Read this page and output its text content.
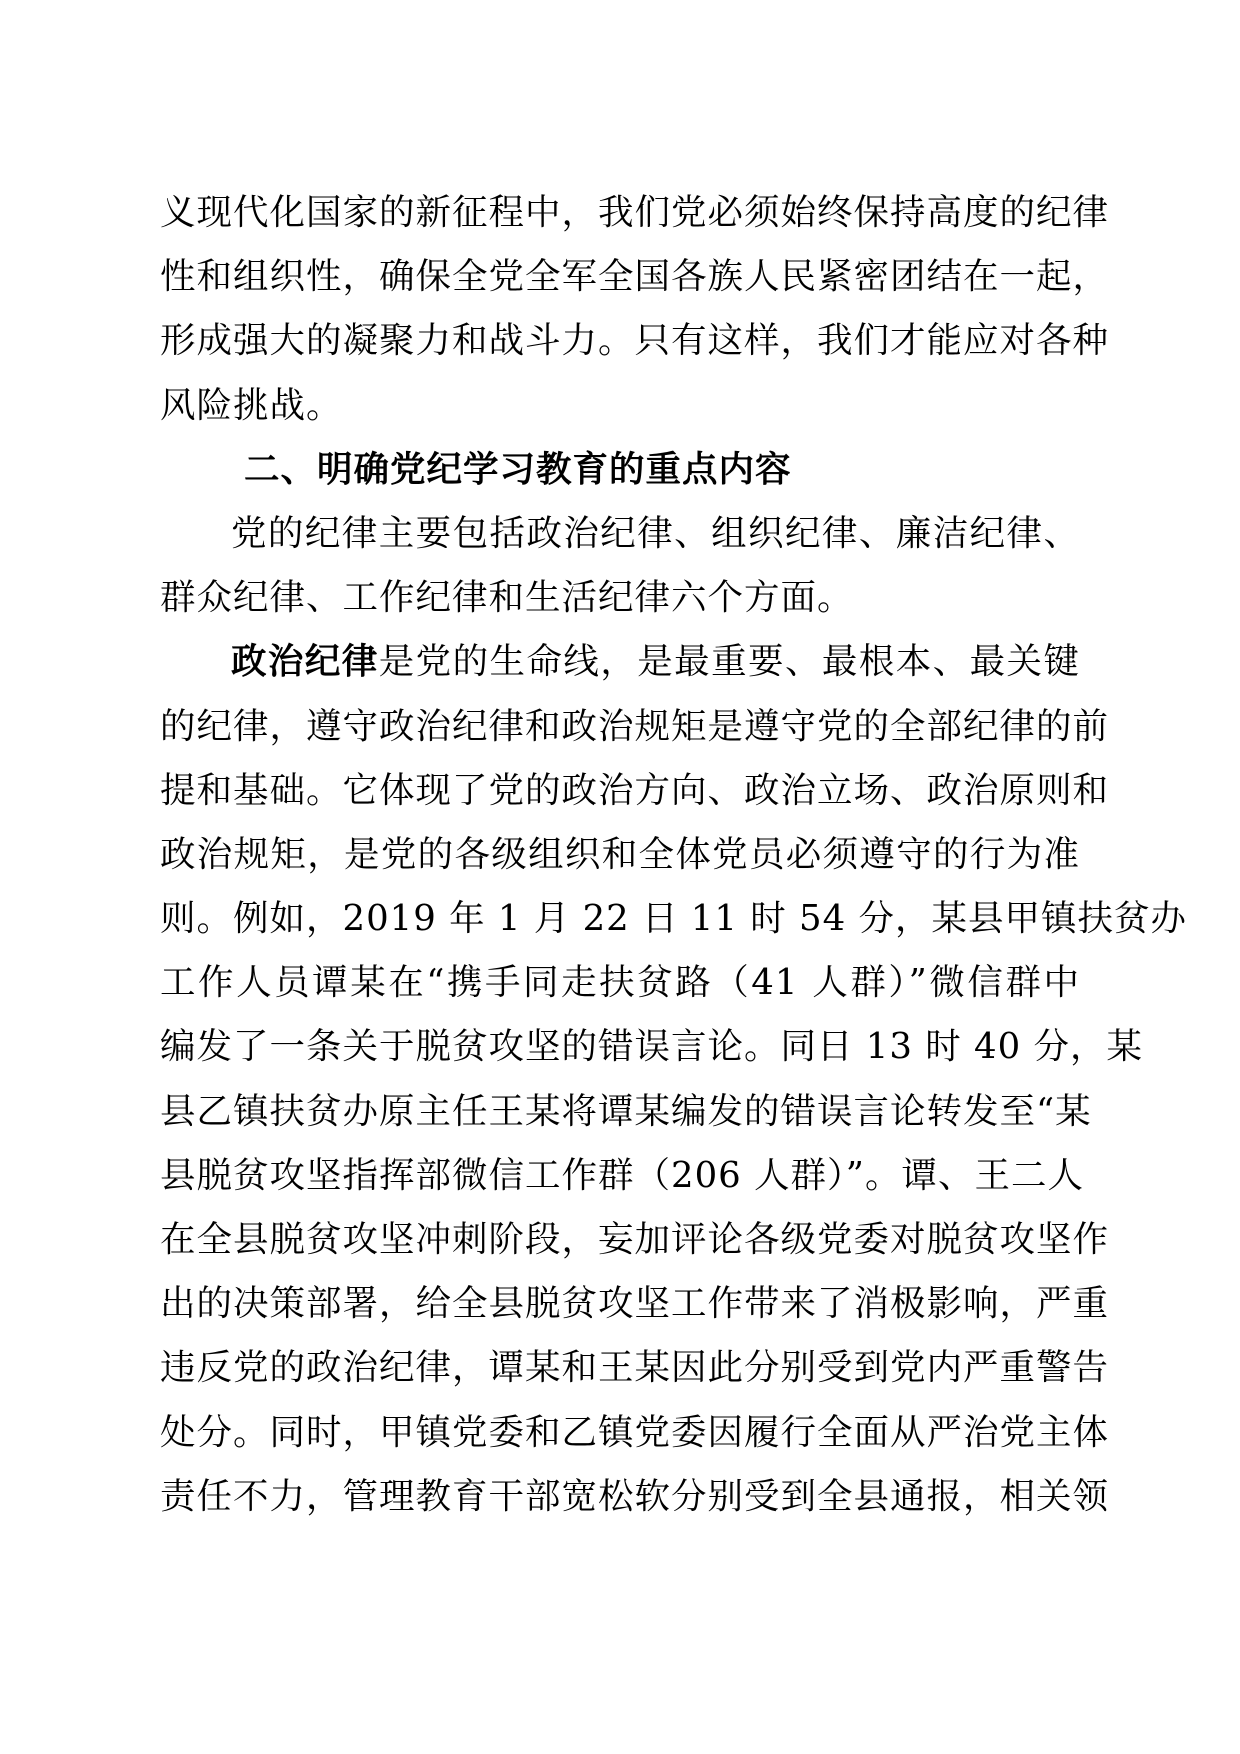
义现代化国家的新征程中，我们党必须始终保持高度的纪律
性和组织性，确保全党全军全国各族人民紧密团结在一起，
形成强大的凝聚力和战斗力。只有这样，我们才能应对各种
风险挑战。
二、明确党纪学习教育的重点内容
党的纪律主要包括政治纪律、组织纪律、廉洁纪律、
群众纪律、工作纪律和生活纪律六个方面。
政治纪律是党的生命线，是最重要、最根本、最关键
的纪律，遵守政治纪律和政治规矩是遵守党的全部纪律的前
提和基础。它体现了党的政治方向、政治立场、政治原则和
政治规矩，是党的各级组织和全体党员必须遵守的行为准
则。例如，2019 年 1 月 22 日 11 时 54 分，某县甲镇扶贫办
工作人员谭某在“携手同走扶贫路（41 人群）”微信群中
编发了一条关于脱贫攻坚的错误言论。同日 13 时 40 分，某
县乙镇扶贫办原主任王某将谭某编发的错误言论转发至“某
县脱贫攻坚指挥部微信工作群（206 人群）”。谭、王二人
在全县脱贫攻坚冲刺阶段，妄加评论各级党委对脱贫攻坚作
出的决策部署，给全县脱贫攻坚工作带来了消极影响，严重
违反党的政治纪律，谭某和王某因此分别受到党内严重警告
处分。同时，甲镇党委和乙镇党委因履行全面从严治党主体
责任不力，管理教育干部宽松软分别受到全县通报，相关领
